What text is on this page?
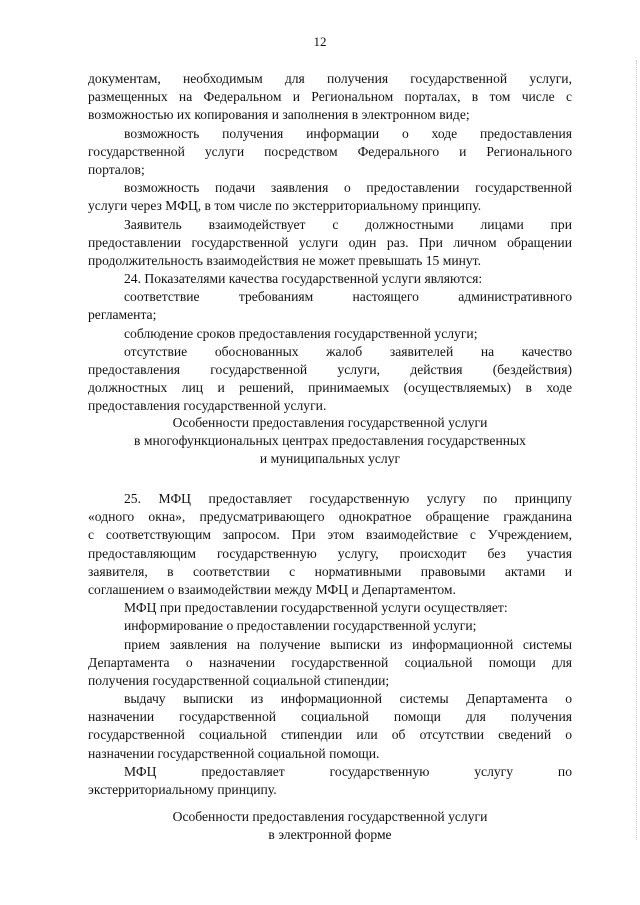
12
документам, необходимым для получения государственной услуги,
размещенных на Федеральном и Региональном порталах, в том числе с
возможностью их копирования и заполнения в электронном виде;
возможность получения информации о ходе предоставления
государственной услуги посредством Федерального и Регионального
порталов;
возможность подачи заявления о предоставлении государственной
услуги через МФЦ, в том числе по экстерриториальному принципу.
Заявитель взаимодействует с должностными лицами при
предоставлении государственной услуги один раз. При личном обращении
продолжительность взаимодействия не может превышать 15 минут.
24. Показателями качества государственной услуги являются:
соответствие требованиям настоящего административного
регламента;
соблюдение сроков предоставления государственной услуги;
отсутствие обоснованных жалоб заявителей на качество
предоставления государственной услуги, действия (бездействия)
должностных лиц и решений, принимаемых (осуществляемых) в ходе
предоставления государственной услуги.
Особенности предоставления государственной услуги
в многофункциональных центрах предоставления государственных
и муниципальных услуг
25. МФЦ предоставляет государственную услугу по принципу
«одного окна», предусматривающего однократное обращение гражданина
с соответствующим запросом. При этом взаимодействие с Учреждением,
предоставляющим государственную услугу, происходит без участия
заявителя, в соответствии с нормативными правовыми актами и
соглашением о взаимодействии между МФЦ и Департаментом.
МФЦ при предоставлении государственной услуги осуществляет:
информирование о предоставлении государственной услуги;
прием заявления на получение выписки из информационной системы
Департамента о назначении государственной социальной помощи для
получения государственной социальной стипендии;
выдачу выписки из информационной системы Департамента о
назначении государственной социальной помощи для получения
государственной социальной стипендии или об отсутствии сведений о
назначении государственной социальной помощи.
МФЦ предоставляет государственную услугу по
экстерриториальному принципу.
Особенности предоставления государственной услуги
в электронной форме
